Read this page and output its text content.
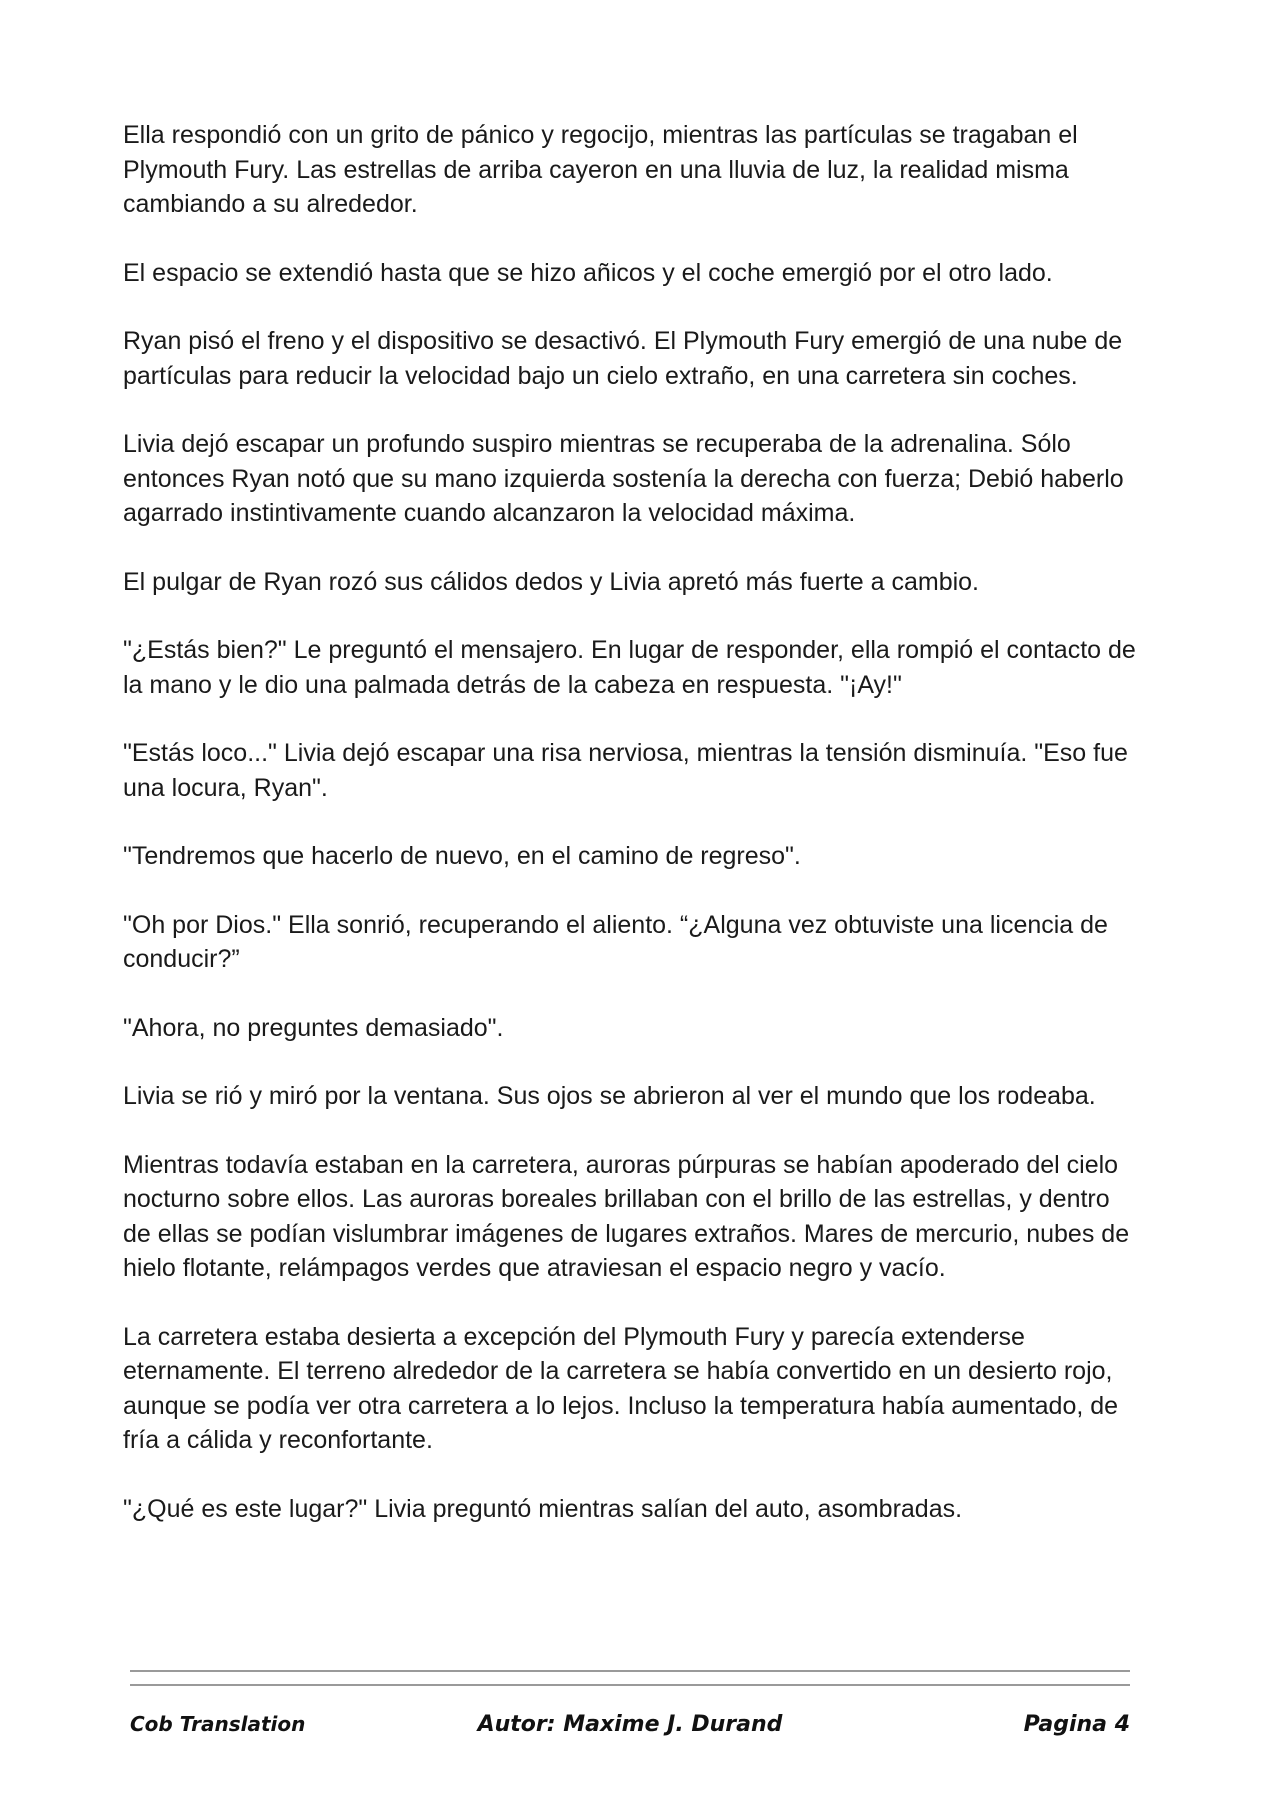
Ella respondió con un grito de pánico y regocijo, mientras las partículas se tragaban el Plymouth Fury. Las estrellas de arriba cayeron en una lluvia de luz, la realidad misma cambiando a su alrededor.

El espacio se extendió hasta que se hizo añicos y el coche emergió por el otro lado.

Ryan pisó el freno y el dispositivo se desactivó. El Plymouth Fury emergió de una nube de partículas para reducir la velocidad bajo un cielo extraño, en una carretera sin coches.

Livia dejó escapar un profundo suspiro mientras se recuperaba de la adrenalina. Sólo entonces Ryan notó que su mano izquierda sostenía la derecha con fuerza; Debió haberlo agarrado instintivamente cuando alcanzaron la velocidad máxima.

El pulgar de Ryan rozó sus cálidos dedos y Livia apretó más fuerte a cambio.

"¿Estás bien?" Le preguntó el mensajero. En lugar de responder, ella rompió el contacto de la mano y le dio una palmada detrás de la cabeza en respuesta. "¡Ay!"

"Estás loco..." Livia dejó escapar una risa nerviosa, mientras la tensión disminuía. "Eso fue una locura, Ryan".

"Tendremos que hacerlo de nuevo, en el camino de regreso".

"Oh por Dios." Ella sonrió, recuperando el aliento. “¿Alguna vez obtuviste una licencia de conducir?”

"Ahora, no preguntes demasiado".

Livia se rió y miró por la ventana. Sus ojos se abrieron al ver el mundo que los rodeaba.

Mientras todavía estaban en la carretera, auroras púrpuras se habían apoderado del cielo nocturno sobre ellos. Las auroras boreales brillaban con el brillo de las estrellas, y dentro de ellas se podían vislumbrar imágenes de lugares extraños. Mares de mercurio, nubes de hielo flotante, relámpagos verdes que atraviesan el espacio negro y vacío.

La carretera estaba desierta a excepción del Plymouth Fury y parecía extenderse eternamente. El terreno alrededor de la carretera se había convertido en un desierto rojo, aunque se podía ver otra carretera a lo lejos. Incluso la temperatura había aumentado, de fría a cálida y reconfortante.

"¿Qué es este lugar?" Livia preguntó mientras salían del auto, asombradas.

Cob Translation	Autor: Maxime J. Durand	Pagina 4
